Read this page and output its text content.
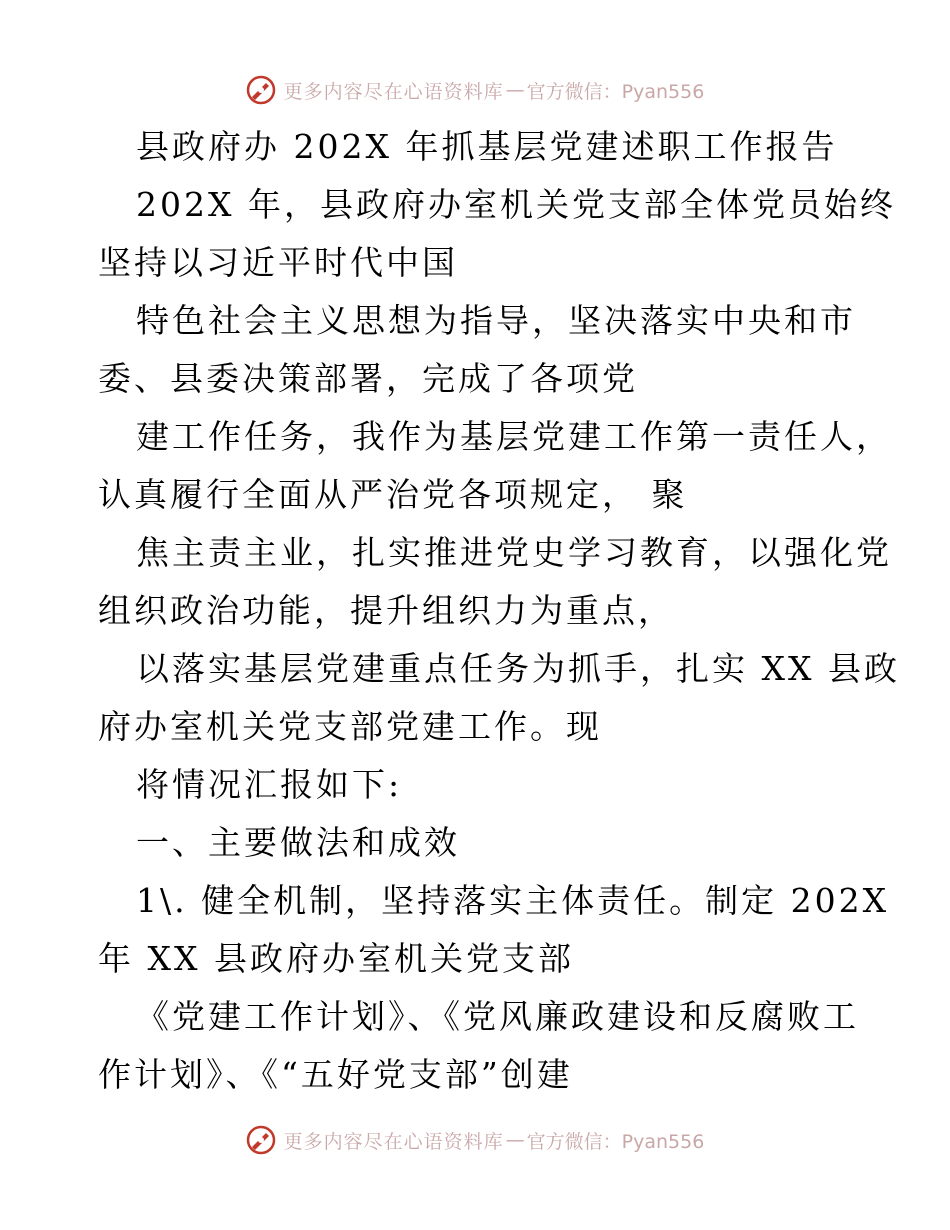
更多内容尽在心语资料库 — 官方微信：Pyan556
县政府办 202X 年抓基层党建述职工作报告
202X 年，县政府办室机关党支部全体党员始终
坚持以习近平时代中国
特色社会主义思想为指导，坚决落实中央和市
委、县委决策部署，完成了各项党
建工作任务，我作为基层党建工作第一责任人，
认真履行全面从严治党各项规定， 聚
焦主责主业，扎实推进党史学习教育，以强化党
组织政治功能，提升组织力为重点，
以落实基层党建重点任务为抓手，扎实 XX 县政
府办室机关党支部党建工作。现
将情况汇报如下:
一、主要做法和成效
1\. 健全机制，坚持落实主体责任。制定 202X
年 XX 县政府办室机关党支部
《党建工作计划》、《党风廉政建设和反腐败工
作计划》、《“五好党支部”创建
更多内容尽在心语资料库 — 官方微信：Pyan556
